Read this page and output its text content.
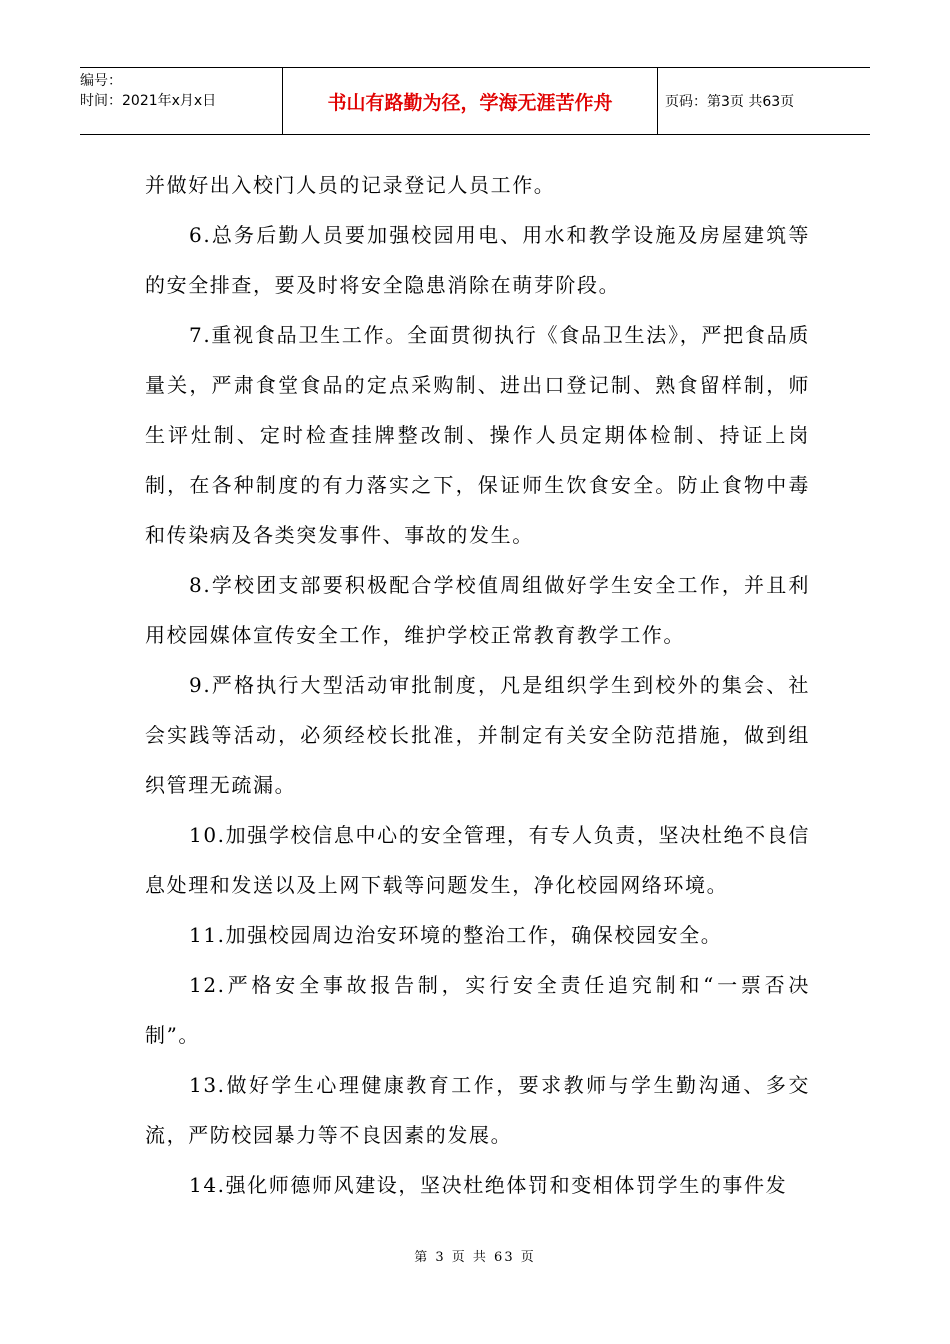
编号：
时间：2021年x月x日	书山有路勤为径，学海无涯苦作舟	页码：第3页 共63页

并做好出入校门人员的记录登记人员工作。

6.总务后勤人员要加强校园用电、用水和教学设施及房屋建筑等的安全排查，要及时将安全隐患消除在萌芽阶段。

7.重视食品卫生工作。全面贯彻执行《食品卫生法》，严把食品质量关，严肃食堂食品的定点采购制、进出口登记制、熟食留样制，师生评灶制、定时检查挂牌整改制、操作人员定期体检制、持证上岗制，在各种制度的有力落实之下，保证师生饮食安全。防止食物中毒和传染病及各类突发事件、事故的发生。

8.学校团支部要积极配合学校值周组做好学生安全工作，并且利用校园媒体宣传安全工作，维护学校正常教育教学工作。

9.严格执行大型活动审批制度，凡是组织学生到校外的集会、社会实践等活动，必须经校长批准，并制定有关安全防范措施，做到组织管理无疏漏。

10.加强学校信息中心的安全管理，有专人负责，坚决杜绝不良信息处理和发送以及上网下载等问题发生，净化校园网络环境。

11.加强校园周边治安环境的整治工作，确保校园安全。

12.严格安全事故报告制，实行安全责任追究制和“一票否决制”。

13.做好学生心理健康教育工作，要求教师与学生勤沟通、多交流，严防校园暴力等不良因素的发展。

14.强化师德师风建设，坚决杜绝体罚和变相体罚学生的事件发

第 3 页 共 63 页
